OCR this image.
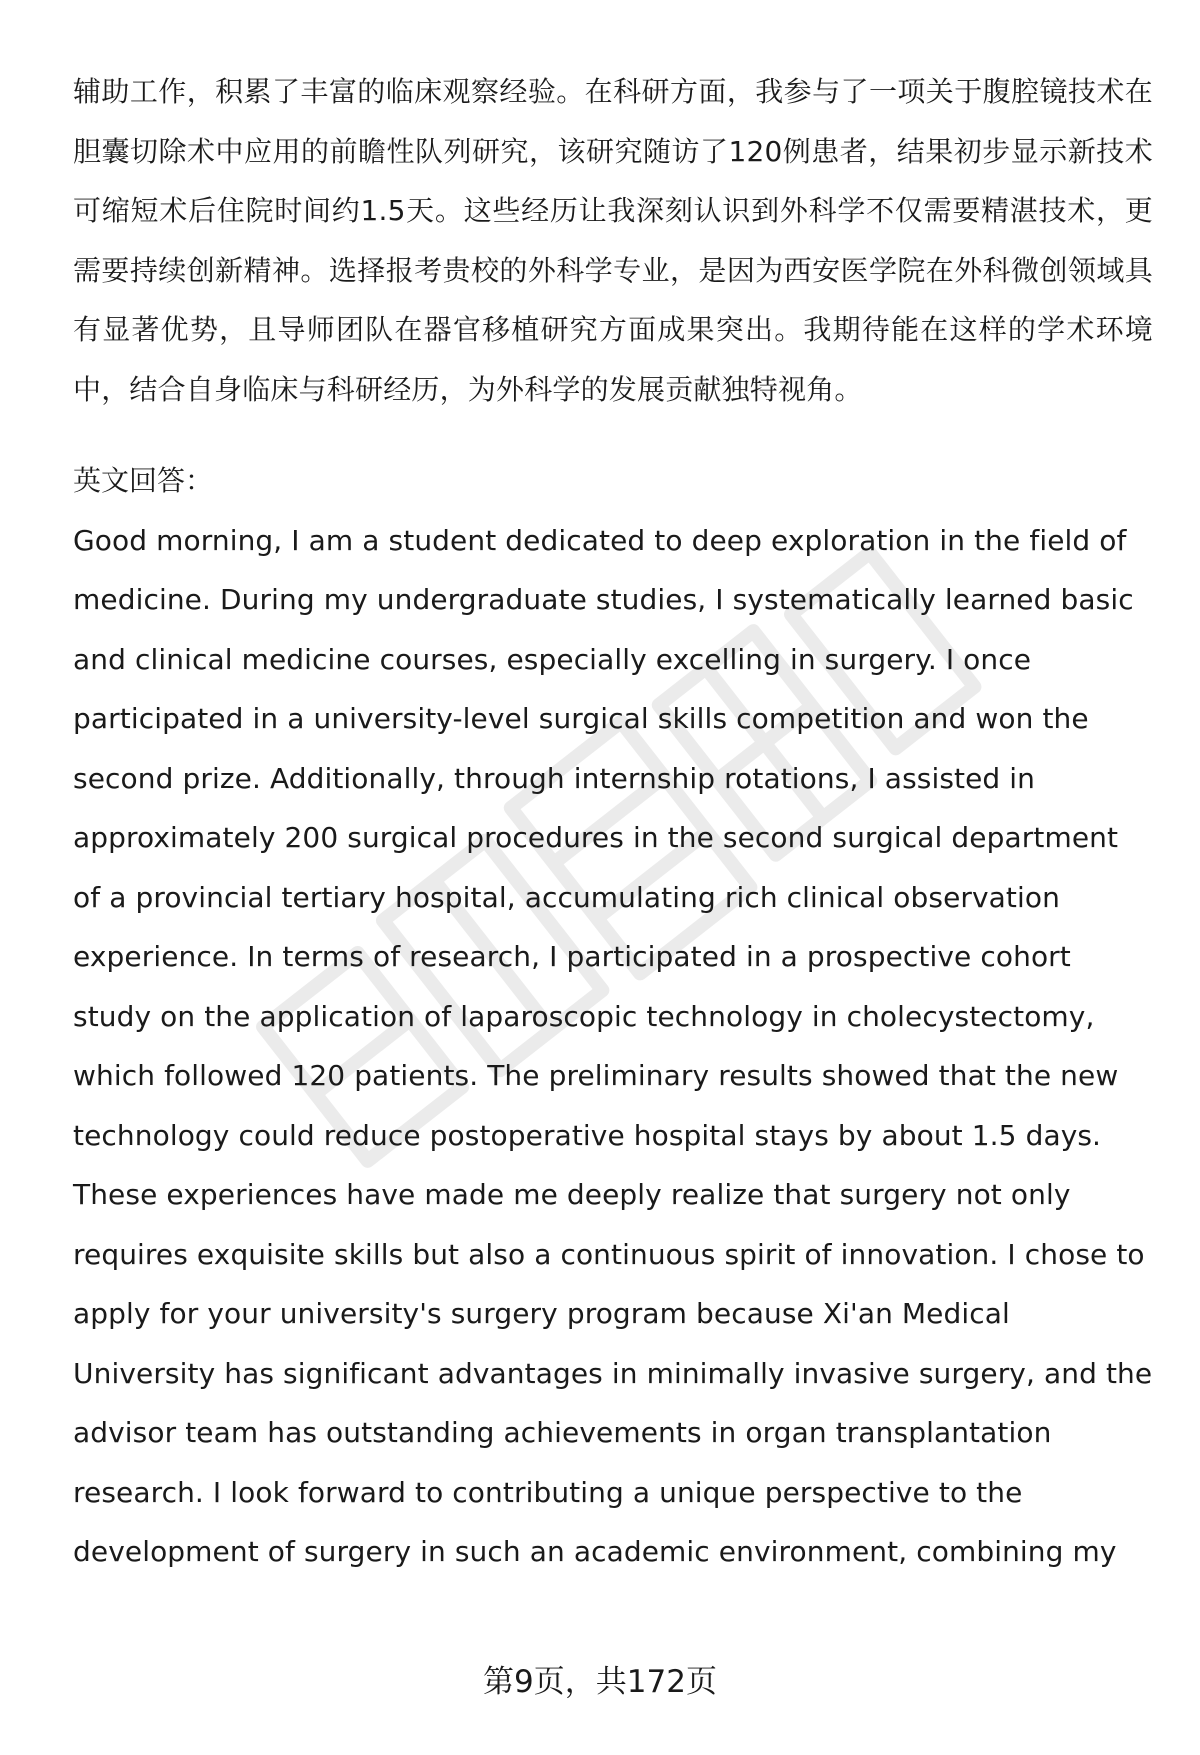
辅助工作，积累了丰富的临床观察经验。在科研方面，我参与了一项关于腹腔镜技术在胆囊切除术中应用的前瞻性队列研究，该研究随访了120例患者，结果初步显示新技术可缩短术后住院时间约1.5天。这些经历让我深刻认识到外科学不仅需要精湛技术，更需要持续创新精神。选择报考贵校的外科学专业，是因为西安医学院在外科微创领域具有显著优势，且导师团队在器官移植研究方面成果突出。我期待能在这样的学术环境中，结合自身临床与科研经历，为外科学的发展贡献独特视角。

英文回答：

Good morning, I am a student dedicated to deep exploration in the field of medicine. During my undergraduate studies, I systematically learned basic and clinical medicine courses, especially excelling in surgery. I once participated in a university-level surgical skills competition and won the second prize. Additionally, through internship rotations, I assisted in approximately 200 surgical procedures in the second surgical department of a provincial tertiary hospital, accumulating rich clinical observation experience. In terms of research, I participated in a prospective cohort study on the application of laparoscopic technology in cholecystectomy, which followed 120 patients. The preliminary results showed that the new technology could reduce postoperative hospital stays by about 1.5 days. These experiences have made me deeply realize that surgery not only requires exquisite skills but also a continuous spirit of innovation. I chose to apply for your university's surgery program because Xi'an Medical University has significant advantages in minimally invasive surgery, and the advisor team has outstanding achievements in organ transplantation research. I look forward to contributing a unique perspective to the development of surgery in such an academic environment, combining my

第9页，共172页
